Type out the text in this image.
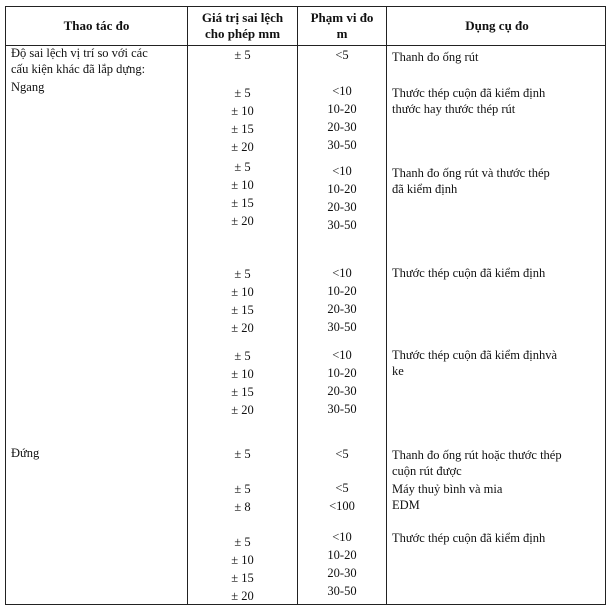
Thao tác đo
Giá trị sai lệch
cho phép mm
Phạm vi đo
m
Dụng cụ đo
Độ sai lệch vị trí so với các
cấu kiện khác đã lắp dựng:
Ngang
Đứng
± 5
± 5
± 10
± 15
± 20
± 5
± 10
± 15
± 20
± 5
± 10
± 15
± 20
± 5
± 10
± 15
± 20
± 5
± 5
± 8
± 5
± 10
± 15
± 20
<5
<10
10-20
20-30
30-50
<10
10-20
20-30
30-50
<10
10-20
20-30
30-50
<10
10-20
20-30
30-50
<5
<5
<100
<10
10-20
20-30
30-50
Thanh đo ống rút
Thước thép cuộn đã kiểm định
thước hay thước thép rút
Thanh đo ống rút và thước thép
đã kiểm định
Thước thép cuộn đã kiểm định
Thước thép cuộn đã kiểm địnhvà
ke
Thanh đo ống rút hoặc thước thép
cuộn rút được
Máy thuỷ bình và mia
EDM
Thước thép cuộn đã kiểm định
